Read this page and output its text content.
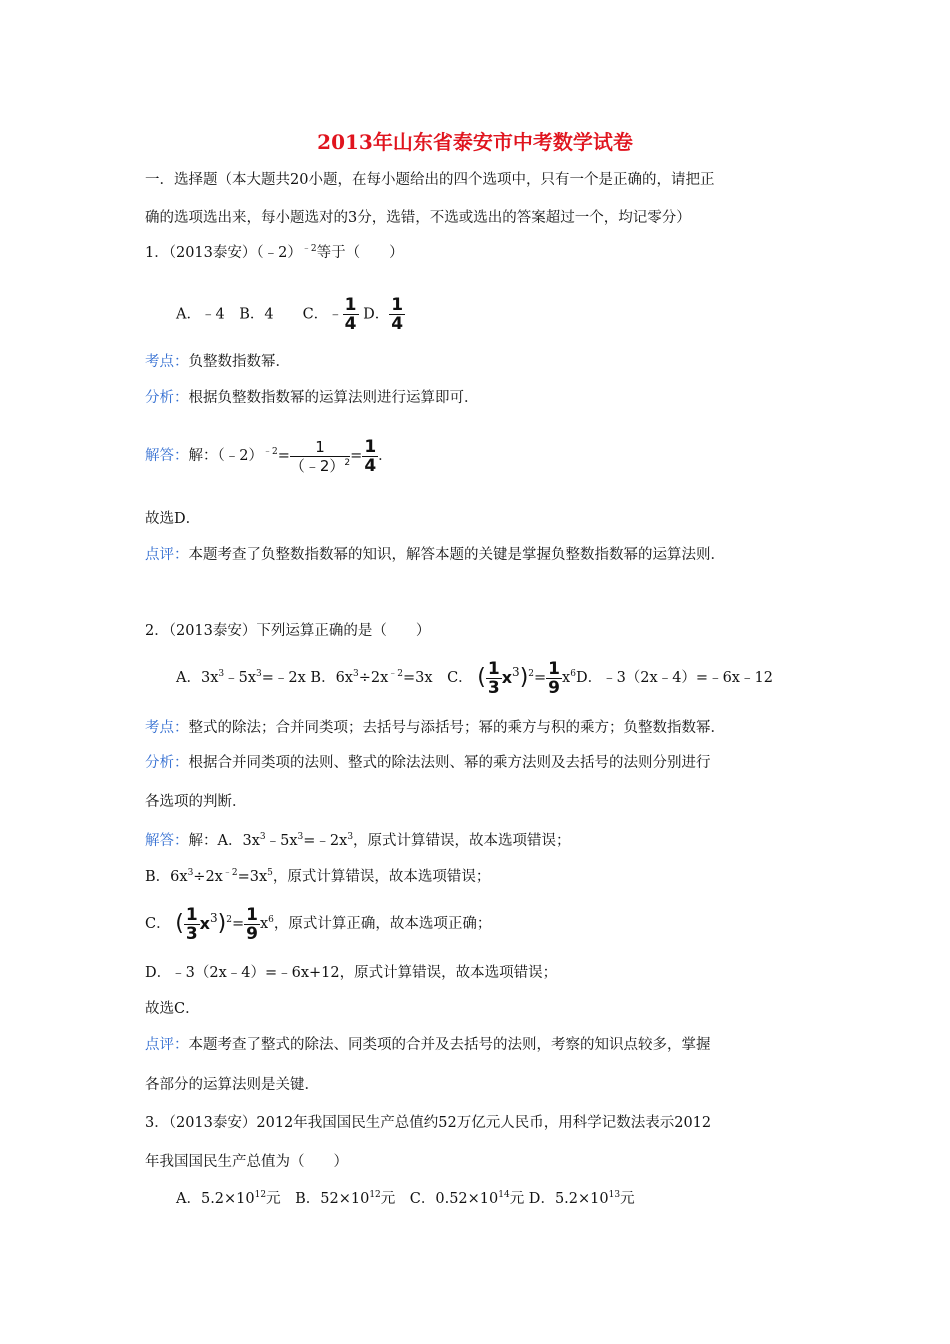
2013年山东省泰安市中考数学试卷
一．选择题（本大题共20小题，在每小题给出的四个选项中，只有一个是正确的，请把正
确的选项选出来，每小题选对的3分，选错，不选或选出的答案超过一个，均记零分）
1．（2013泰安）（﹣2）$^{﹣2}$等于（　　）
A．﹣4　B．4　　C．﹣ $\frac{1}{4}$ D． $\frac{1}{4}$
考点：负整数指数幂．
分析：根据负整数指数幂的运算法则进行运算即可．
解答：解：（﹣2）$^{﹣2}$= $\frac{1}{(﹣2)^2} = \frac{1}{4}$ ．
故选D．
点评：本题考查了负整数指数幂的知识，解答本题的关键是掌握负整数指数幂的运算法则．
2．（2013泰安）下列运算正确的是（　　）
A．$3x^3﹣5x^3=﹣2x$ B．$6x^3\div 2x^{﹣2}=3x$　C． ( $\frac{1}{3} x^3)^2= \frac{1}{9} x^6D$．﹣3（2x﹣4）=﹣6x﹣12
考点：整式的除法；合并同类项；去括号与添括号；幂的乘方与积的乘方；负整数指数幂．
分析：根据合并同类项的法则、整式的除法法则、幂的乘方法则及去括号的法则分别进行
各选项的判断．
解答：解：A．$3x^3﹣5x^3=﹣2x^3$，原式计算错误，故本选项错误；
B．$6x^3\div 2x^{﹣2}=3x^5$，原式计算错误，故本选项错误；
C． ( $\frac{1}{3} x^3)^2= \frac{1}{9} x^6$，原式计算正确，故本选项正确；
D．﹣3（2x﹣4）=﹣6x+12，原式计算错误，故本选项错误；
故选C．
点评：本题考查了整式的除法、同类项的合并及去括号的法则，考察的知识点较多，掌握
各部分的运算法则是关键．
3．（2013泰安）2012年我国国民生产总值约52万亿元人民币，用科学记数法表示2012
年我国国民生产总值为（　　）
A．$5.2\times 10^{12}$元　B．$52\times 10^{12}$元　C．$0.52\times 10^{14}$元 D．$5.2\times 10^{13}$元
